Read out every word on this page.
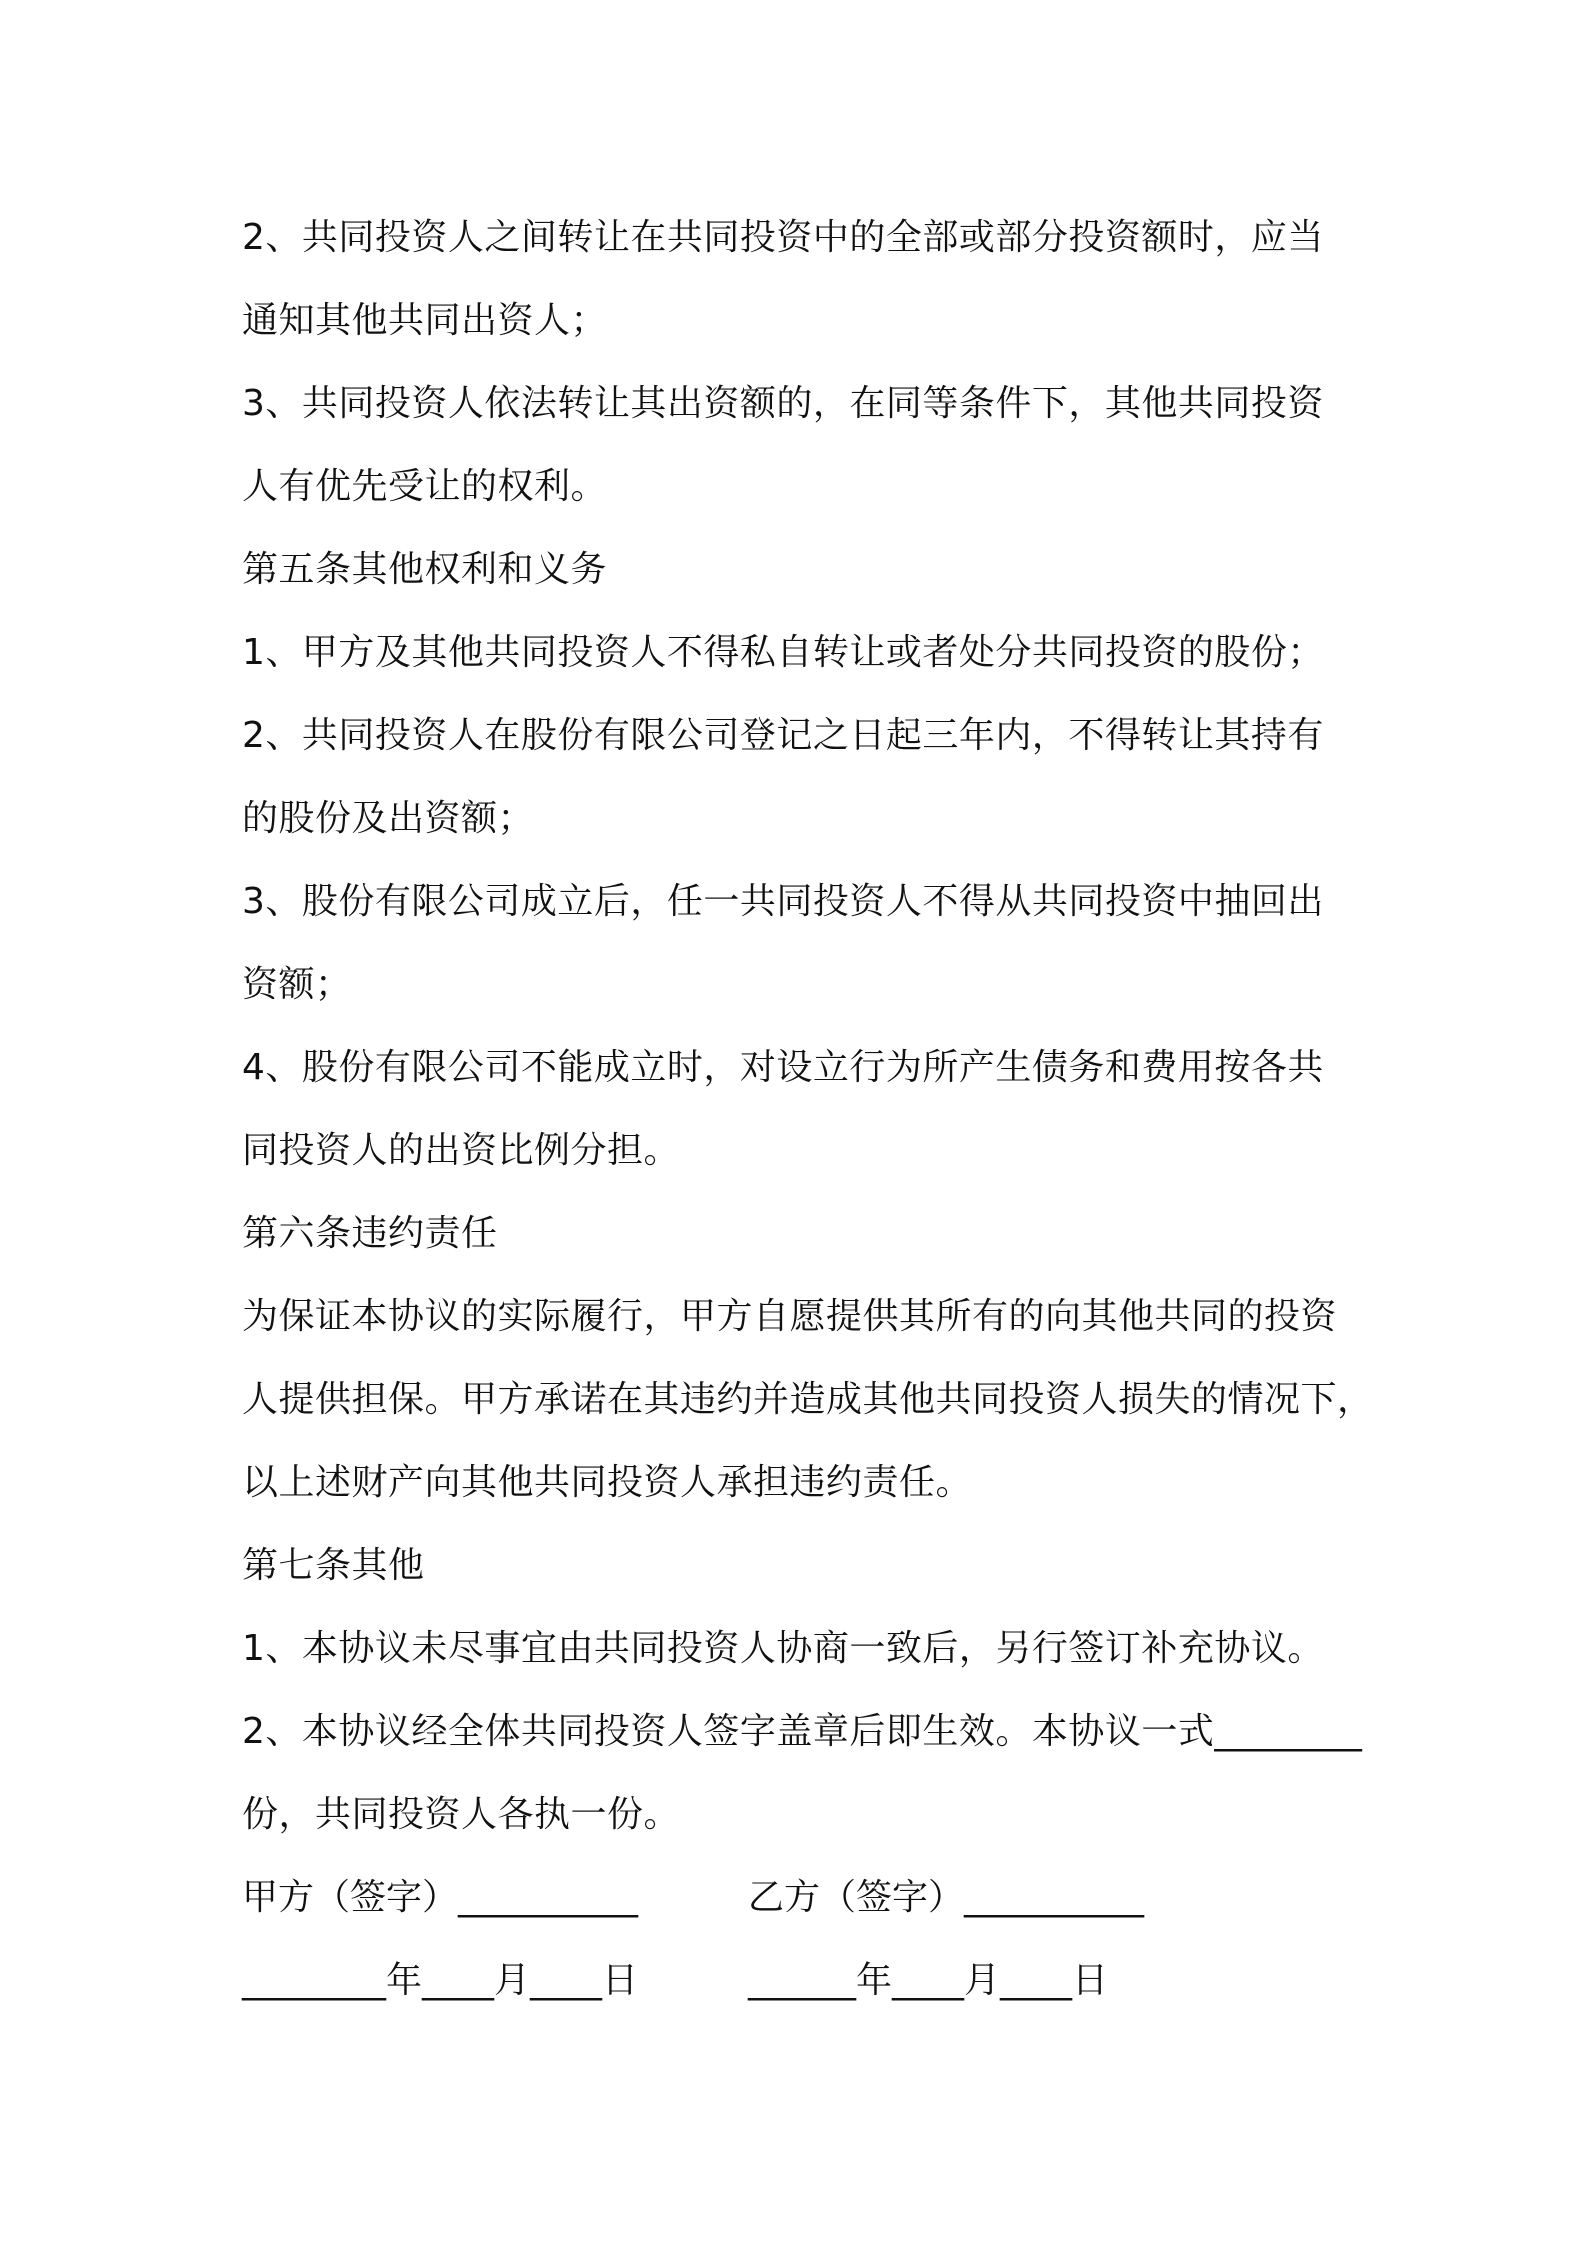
2、共同投资人之间转让在共同投资中的全部或部分投资额时，应当
通知其他共同出资人；
3、共同投资人依法转让其出资额的，在同等条件下，其他共同投资
人有优先受让的权利。
第五条其他权利和义务
1、甲方及其他共同投资人不得私自转让或者处分共同投资的股份；
2、共同投资人在股份有限公司登记之日起三年内，不得转让其持有
的股份及出资额；
3、股份有限公司成立后，任一共同投资人不得从共同投资中抽回出
资额；
4、股份有限公司不能成立时，对设立行为所产生债务和费用按各共
同投资人的出资比例分担。
第六条违约责任
为保证本协议的实际履行，甲方自愿提供其所有的向其他共同的投资
人提供担保。甲方承诺在其违约并造成其他共同投资人损失的情况下，
以上述财产向其他共同投资人承担违约责任。
第七条其他
1、本协议未尽事宜由共同投资人协商一致后，另行签订补充协议。
2、本协议经全体共同投资人签字盖章后即生效。本协议一式________
份，共同投资人各执一份。
甲方（签字）__________	乙方（签字）__________
________年____月____日	______年____月____日
